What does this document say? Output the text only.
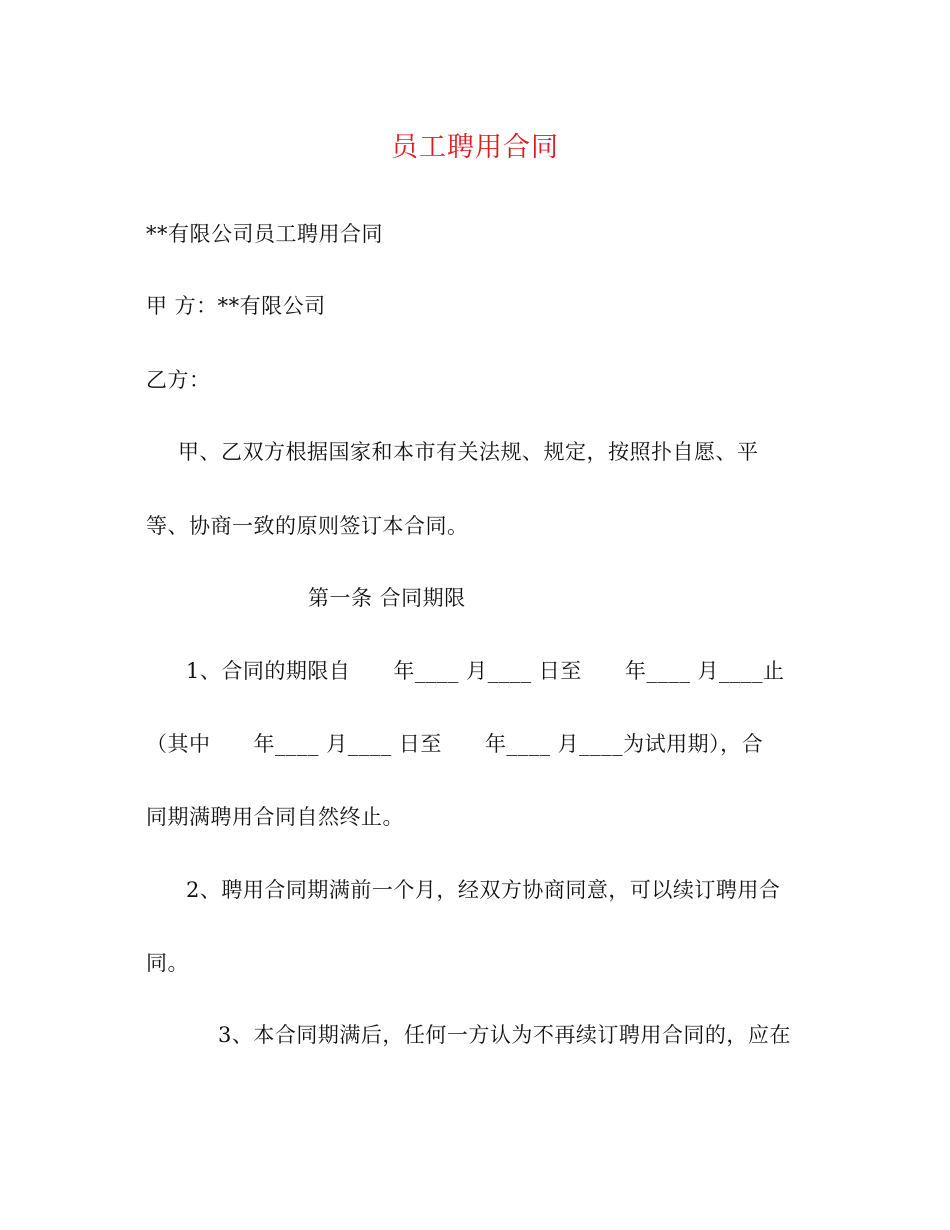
员工聘用合同
**有限公司员工聘用合同
甲 方：**有限公司
乙方：
甲、乙双方根据国家和本市有关法规、规定，按照扑自愿、平
等、协商一致的原则签订本合同。
第一条 合同期限
1、合同的期限自      年____ 月____ 日至      年____ 月____止
（其中      年____ 月____ 日至      年____ 月____为试用期），合
同期满聘用合同自然终止。
2、聘用合同期满前一个月，经双方协商同意，可以续订聘用合
同。
3、本合同期满后，任何一方认为不再续订聘用合同的，应在
